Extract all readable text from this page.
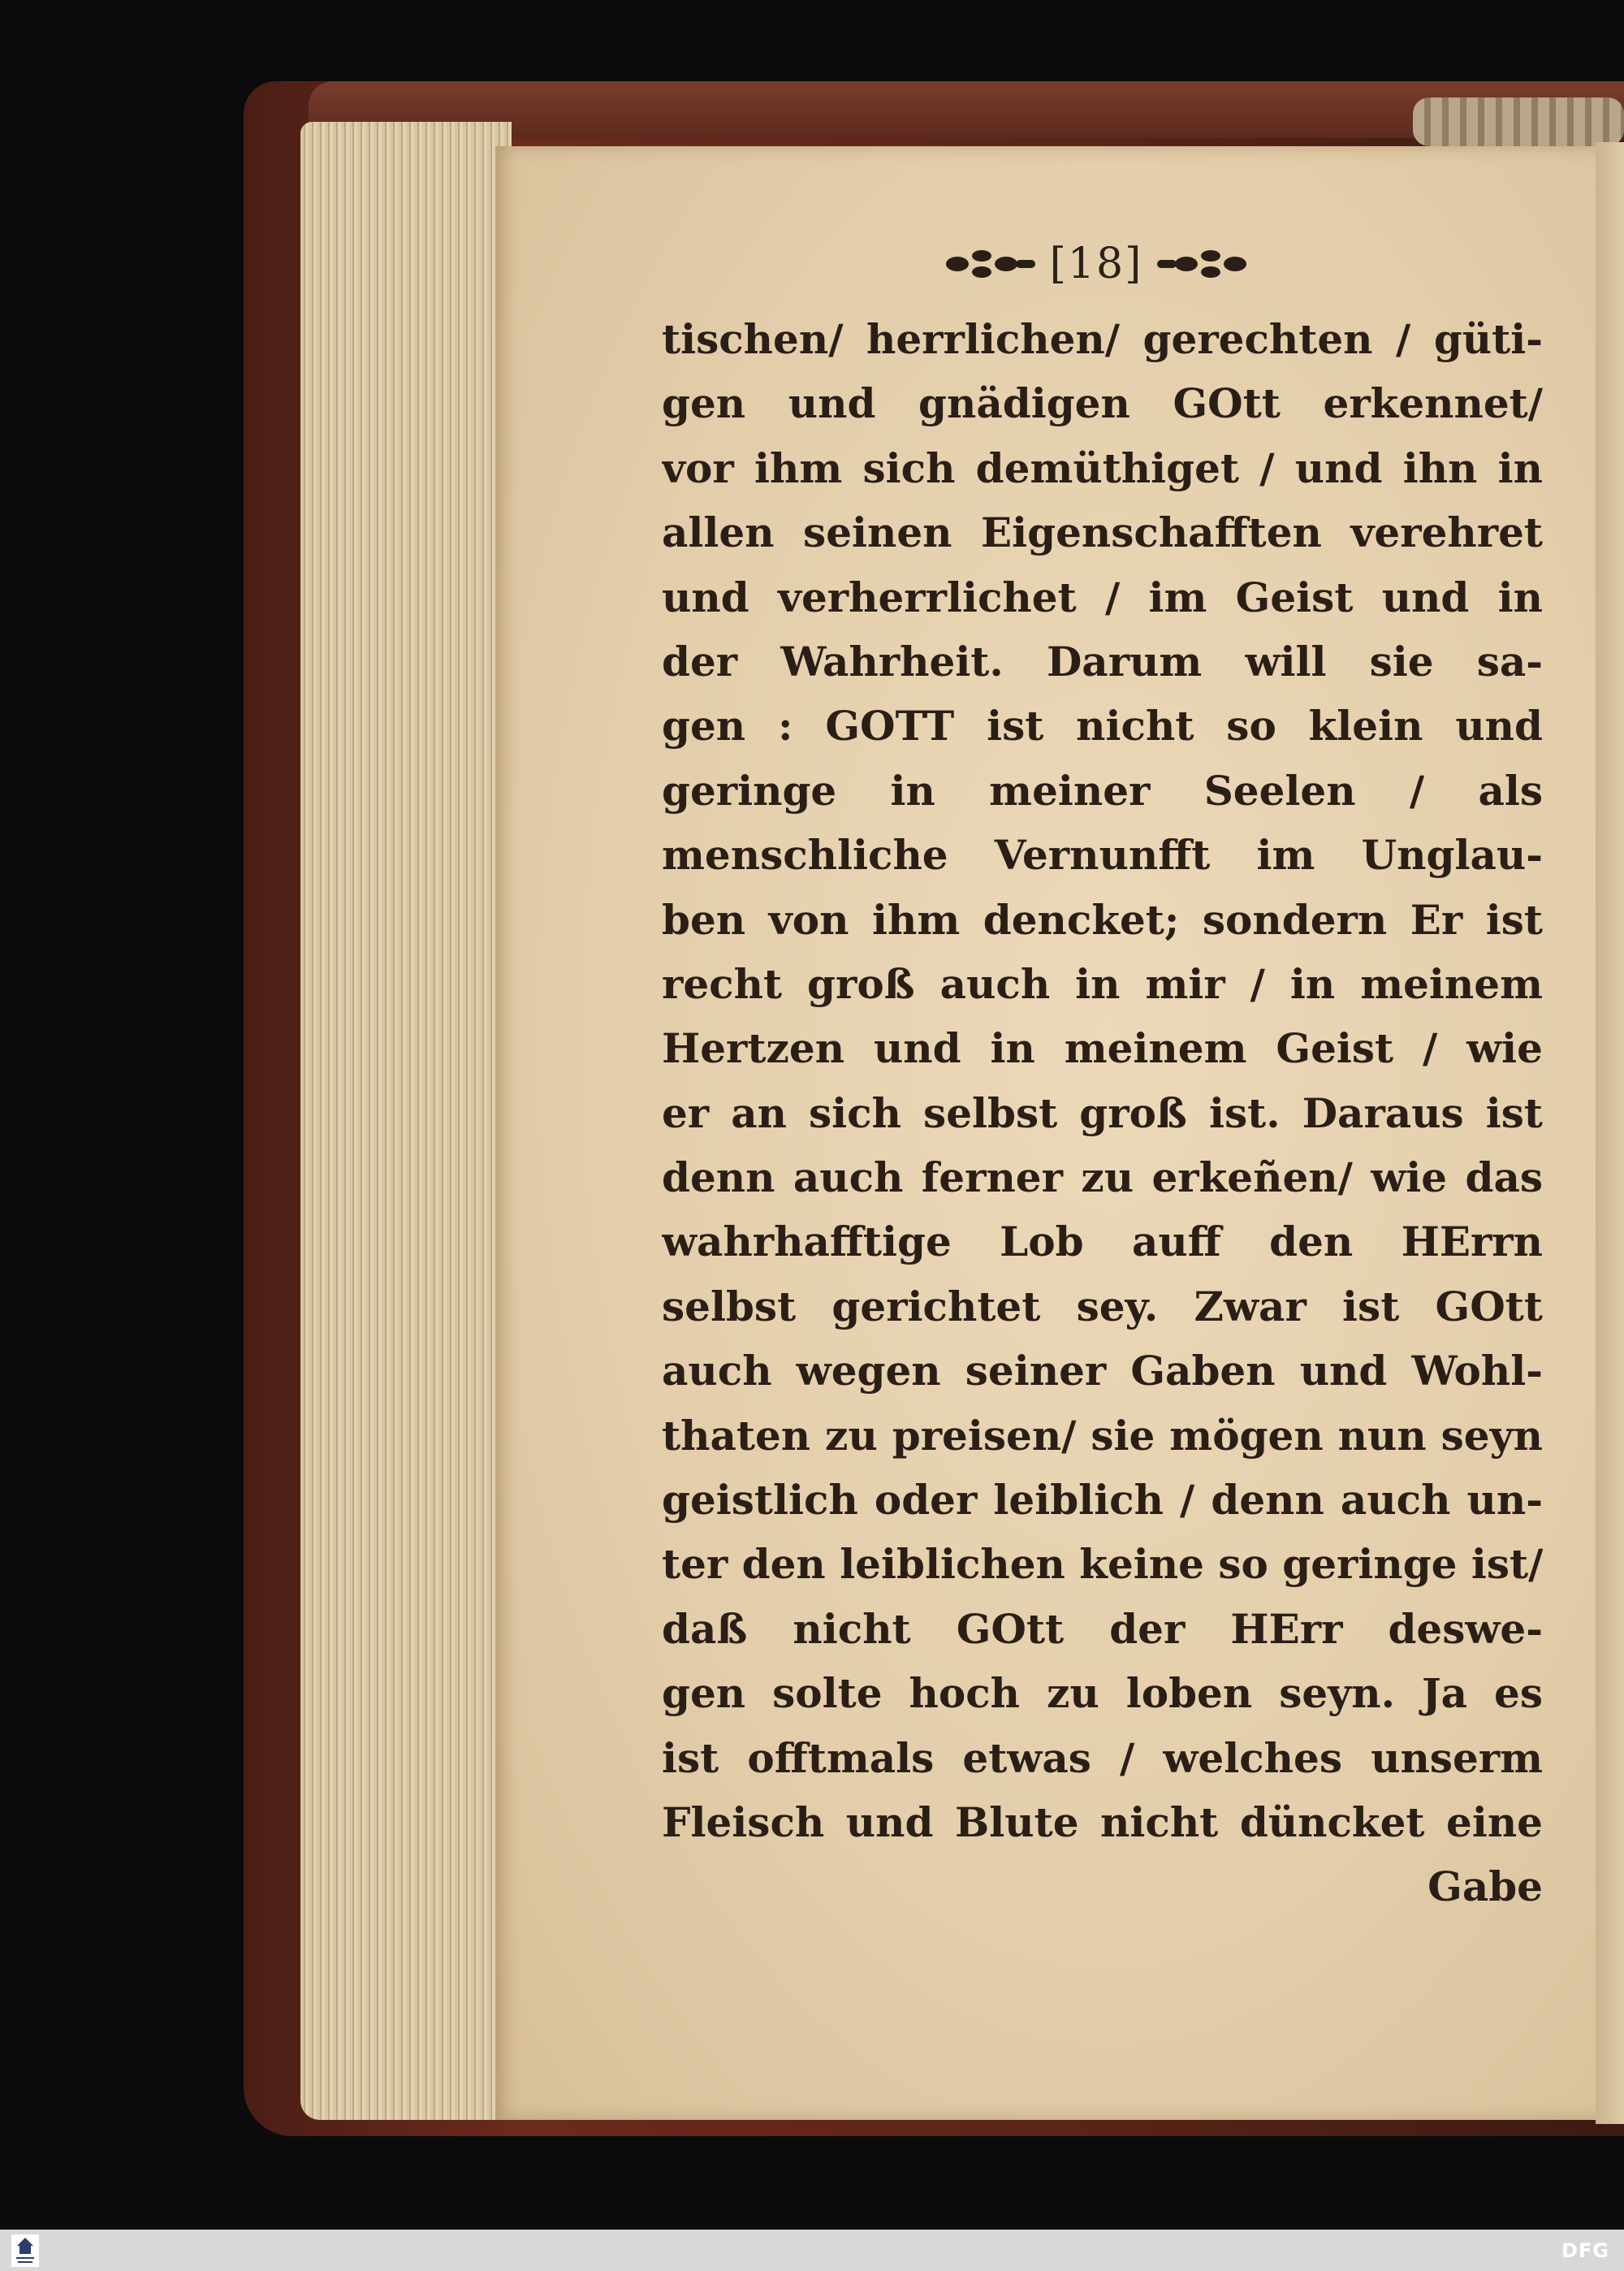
[18]
tischen/ herrlichen/ gerechten / güti-
gen und gnädigen GOtt erkennet/
vor ihm sich demüthiget / und ihn in
allen seinen Eigenschafften verehret
und verherrlichet / im Geist und in
der Wahrheit. Darum will sie sa-
gen : GOTT ist nicht so klein und
geringe in meiner Seelen / als
menschliche Vernunfft im Unglau-
ben von ihm dencket; sondern Er ist
recht groß auch in mir / in meinem
Hertzen und in meinem Geist / wie
er an sich selbst groß ist. Daraus ist
denn auch ferner zu erkeñen/ wie das
wahrhafftige Lob auff den HErrn
selbst gerichtet sey. Zwar ist GOtt
auch wegen seiner Gaben und Wohl-
thaten zu preisen/ sie mögen nun seyn
geistlich oder leiblich / denn auch un-
ter den leiblichen keine so geringe ist/
daß nicht GOtt der HErr deswe-
gen solte hoch zu loben seyn. Ja es
ist offtmals etwas / welches unserm
Fleisch und Blute nicht düncket eine
Gabe
DFG
